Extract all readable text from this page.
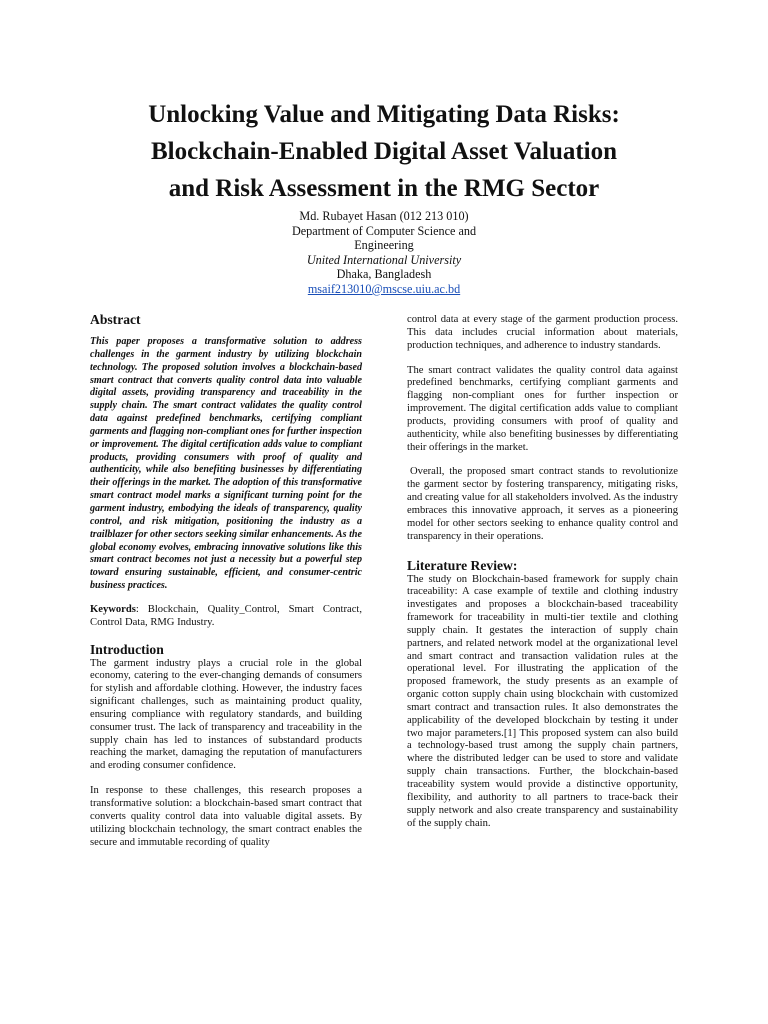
Unlocking Value and Mitigating Data Risks:
Blockchain-Enabled Digital Asset Valuation
and Risk Assessment in the RMG Sector
Md. Rubayet Hasan (012 213 010)
Department of Computer Science and
Engineering
United International University
Dhaka, Bangladesh
msaif213010@mscse.uiu.ac.bd
Abstract

This paper proposes a transformative solution to address challenges in the garment industry by utilizing blockchain technology. The proposed solution involves a blockchain-based smart contract that converts quality control data into valuable digital assets, providing transparency and traceability in the supply chain. The smart contract validates the quality control data against predefined benchmarks, certifying compliant garments and flagging non-compliant ones for further inspection or improvement. The digital certification adds value to compliant products, providing consumers with proof of quality and authenticity, while also benefiting businesses by differentiating their offerings in the market. The adoption of this transformative smart contract model marks a significant turning point for the garment industry, embodying the ideals of transparency, quality control, and risk mitigation, positioning the industry as a trailblazer for other sectors seeking similar enhancements. As the global economy evolves, embracing innovative solutions like this smart contract becomes not just a necessity but a powerful step toward ensuring sustainable, efficient, and consumer-centric business practices.

Keywords: Blockchain, Quality_Control, Smart Contract, Control Data, RMG Industry.

Introduction

The garment industry plays a crucial role in the global economy, catering to the ever-changing demands of consumers for stylish and affordable clothing. However, the industry faces significant challenges, such as maintaining product quality, ensuring compliance with regulatory standards, and building consumer trust. The lack of transparency and traceability in the supply chain has led to instances of substandard products reaching the market, damaging the reputation of manufacturers and eroding consumer confidence.

In response to these challenges, this research proposes a transformative solution: a blockchain-based smart contract that converts quality control data into valuable digital assets. By utilizing blockchain technology, the smart contract enables the secure and immutable recording of quality

control data at every stage of the garment production process. This data includes crucial information about materials, production techniques, and adherence to industry standards.

The smart contract validates the quality control data against predefined benchmarks, certifying compliant garments and flagging non-compliant ones for further inspection or improvement. The digital certification adds value to compliant products, providing consumers with proof of quality and authenticity, while also benefiting businesses by differentiating their offerings in the market.

Overall, the proposed smart contract stands to revolutionize the garment sector by fostering transparency, mitigating risks, and creating value for all stakeholders involved. As the industry embraces this innovative approach, it serves as a pioneering model for other sectors seeking to enhance quality control and transparency in their operations.

Literature Review:

The study on Blockchain-based framework for supply chain traceability: A case example of textile and clothing industry investigates and proposes a blockchain-based traceability framework for traceability in multi-tier textile and clothing supply chain. It gestates the interaction of supply chain partners, and related network model at the organizational level and smart contract and transaction validation rules at the operational level. For illustrating the application of the proposed framework, the study presents as an example of organic cotton supply chain using blockchain with customized smart contract and transaction rules. It also demonstrates the applicability of the developed blockchain by testing it under two major parameters.[1] This proposed system can also build a technology-based trust among the supply chain partners, where the distributed ledger can be used to store and validate supply chain transactions. Further, the blockchain-based traceability system would provide a distinctive opportunity, flexibility, and authority to all partners to trace-back their supply network and also create transparency and sustainability of the supply chain.
